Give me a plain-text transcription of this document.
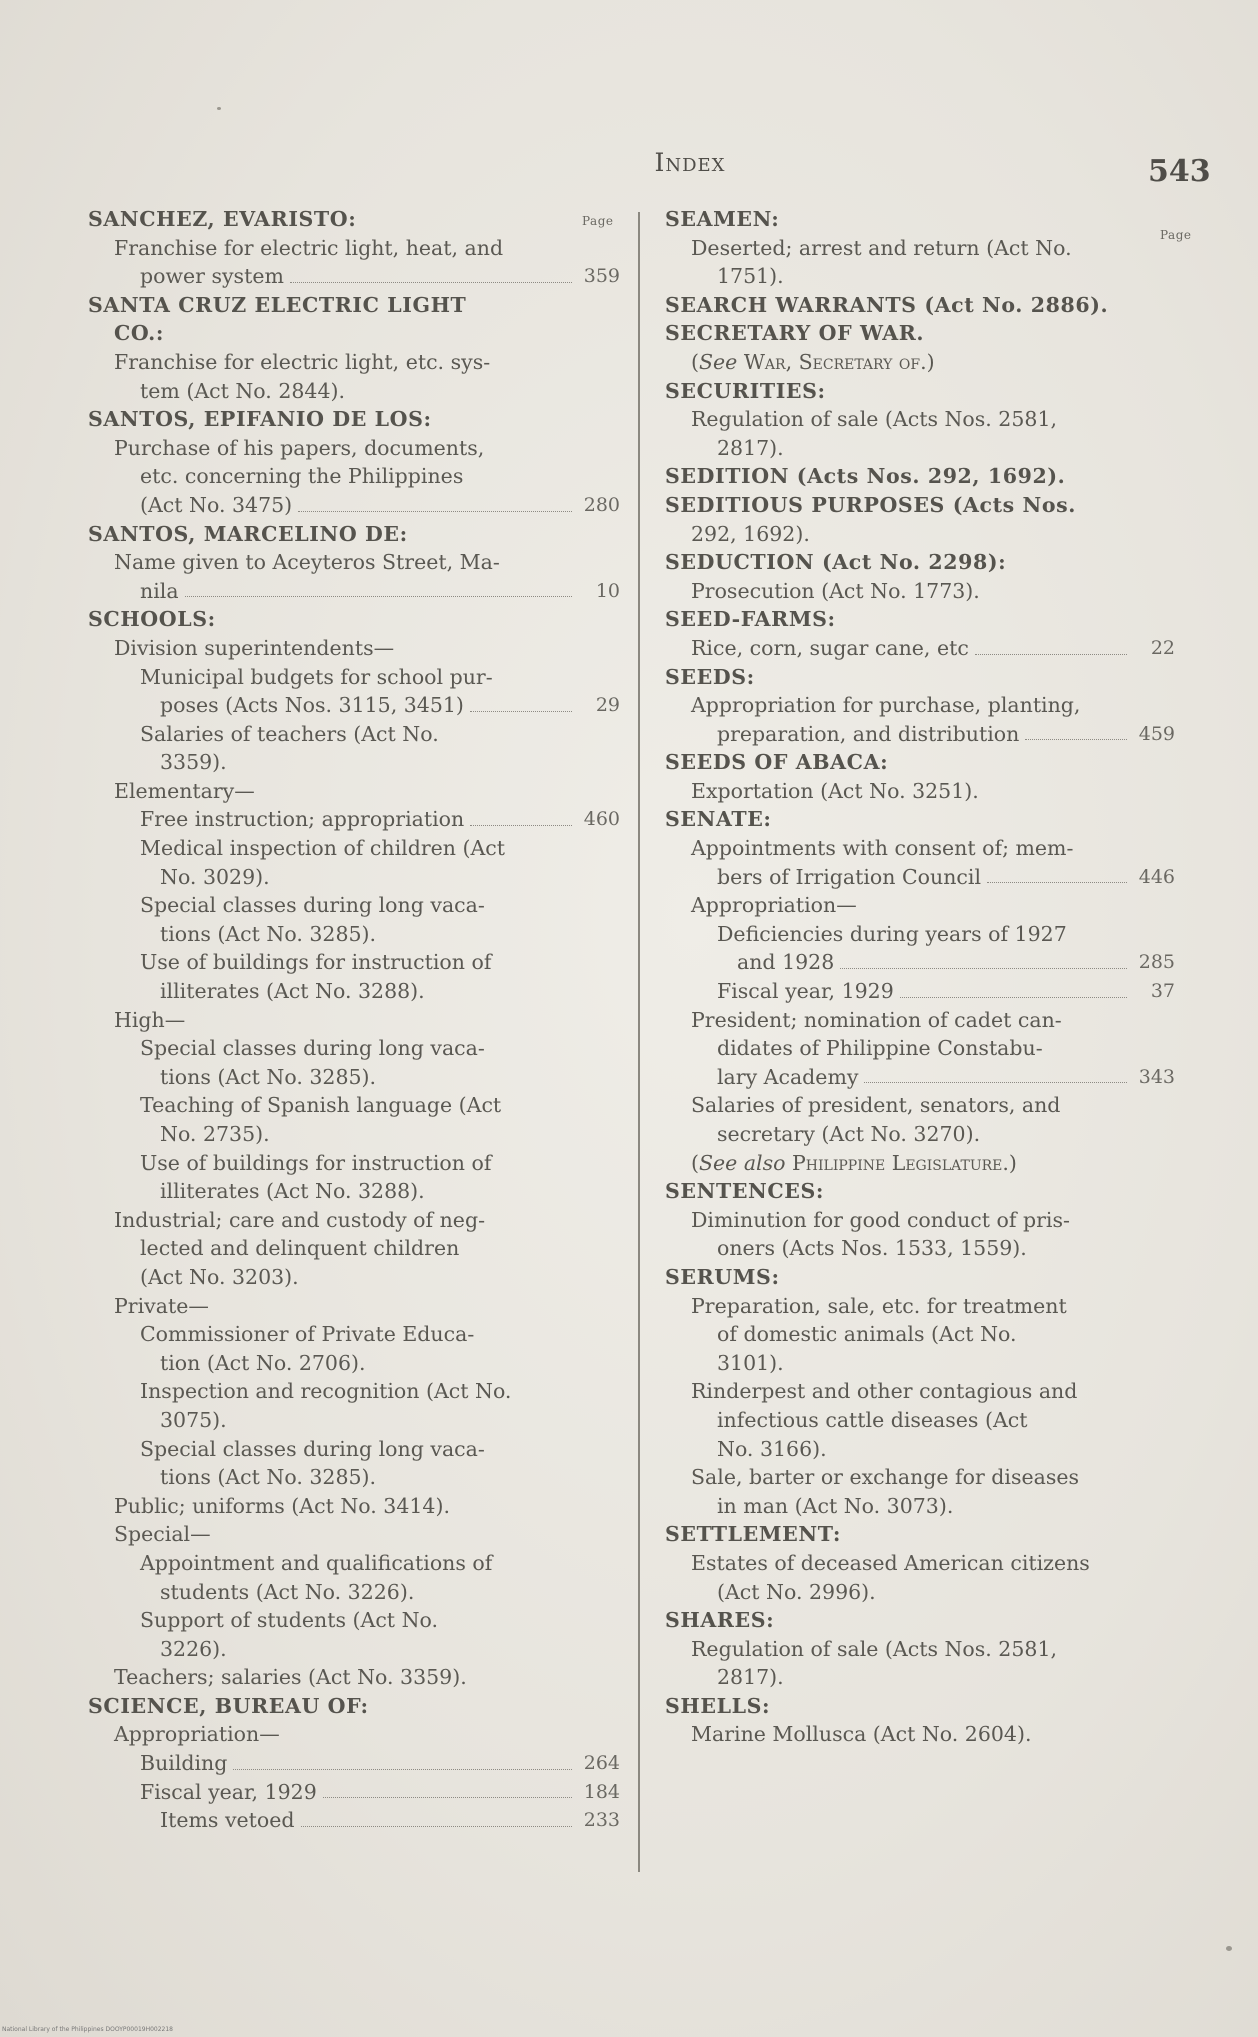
Index	543
Page
Page
SANCHEZ, EVARISTO:
Franchise for electric light, heat, and
power system	359
SANTA CRUZ ELECTRIC LIGHT
CO.:
Franchise for electric light, etc. sys-
tem (Act No. 2844).
SANTOS, EPIFANIO DE LOS:
Purchase of his papers, documents,
etc. concerning the Philippines
(Act No. 3475)	280
SANTOS, MARCELINO DE:
Name given to Aceyteros Street, Ma-
nila	10
SCHOOLS:
Division superintendents—
Municipal budgets for school pur-
poses (Acts Nos. 3115, 3451)	29
Salaries of teachers (Act No.
3359).
Elementary—
Free instruction; appropriation	460
Medical inspection of children (Act
No. 3029).
Special classes during long vaca-
tions (Act No. 3285).
Use of buildings for instruction of
illiterates (Act No. 3288).
High—
Special classes during long vaca-
tions (Act No. 3285).
Teaching of Spanish language (Act
No. 2735).
Use of buildings for instruction of
illiterates (Act No. 3288).
Industrial; care and custody of neg-
lected and delinquent children
(Act No. 3203).
Private—
Commissioner of Private Educa-
tion (Act No. 2706).
Inspection and recognition (Act No.
3075).
Special classes during long vaca-
tions (Act No. 3285).
Public; uniforms (Act No. 3414).
Special—
Appointment and qualifications of
students (Act No. 3226).
Support of students (Act No.
3226).
Teachers; salaries (Act No. 3359).
SCIENCE, BUREAU OF:
Appropriation—
Building	264
Fiscal year, 1929	184
Items vetoed	233
SEAMEN:
Deserted; arrest and return (Act No.
1751).
SEARCH WARRANTS (Act No. 2886).
SECRETARY OF WAR.
(See War, Secretary of.)
SECURITIES:
Regulation of sale (Acts Nos. 2581,
2817).
SEDITION (Acts Nos. 292, 1692).
SEDITIOUS PURPOSES (Acts Nos.
292, 1692).
SEDUCTION (Act No. 2298):
Prosecution (Act No. 1773).
SEED-FARMS:
Rice, corn, sugar cane, etc	22
SEEDS:
Appropriation for purchase, planting,
preparation, and distribution	459
SEEDS OF ABACA:
Exportation (Act No. 3251).
SENATE:
Appointments with consent of; mem-
bers of Irrigation Council	446
Appropriation—
Deficiencies during years of 1927
and 1928	285
Fiscal year, 1929	37
President; nomination of cadet can-
didates of Philippine Constabu-
lary Academy	343
Salaries of president, senators, and
secretary (Act No. 3270).
(See also Philippine Legislature.)
SENTENCES:
Diminution for good conduct of pris-
oners (Acts Nos. 1533, 1559).
SERUMS:
Preparation, sale, etc. for treatment
of domestic animals (Act No.
3101).
Rinderpest and other contagious and
infectious cattle diseases (Act
No. 3166).
Sale, barter or exchange for diseases
in man (Act No. 3073).
SETTLEMENT:
Estates of deceased American citizens
(Act No. 2996).
SHARES:
Regulation of sale (Acts Nos. 2581,
2817).
SHELLS:
Marine Mollusca (Act No. 2604).
National Library of the Philippines DOOYP00019H002218
